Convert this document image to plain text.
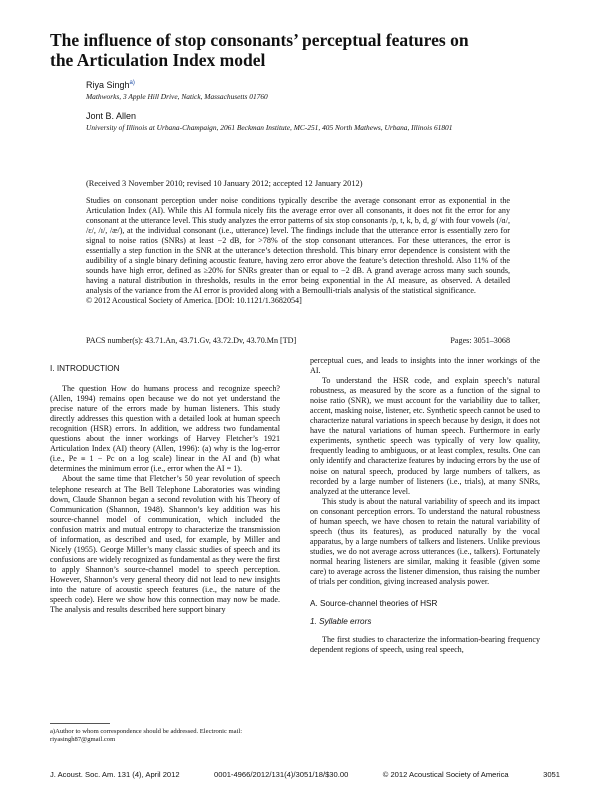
The influence of stop consonants’ perceptual features on the Articulation Index model
Riya Singh$^{a)}$
Mathworks, 3 Apple Hill Drive, Natick, Massachusetts 01760
Jont B. Allen
University of Illinois at Urbana-Champaign, 2061 Beckman Institute, MC-251, 405 North Mathews, Urbana, Illinois 61801
(Received 3 November 2010; revised 10 January 2012; accepted 12 January 2012)

Studies on consonant perception under noise conditions typically describe the average consonant error as exponential in the Articulation Index (AI). While this AI formula nicely fits the average error over all consonants, it does not fit the error for any consonant at the utterance level. This study analyzes the error patterns of six stop consonants /p, t, k, b, d, g/ with four vowels (/ɑ/, /ɛ/, /ɪ/, /æ/), at the individual consonant (i.e., utterance) level. The findings include that the utterance error is essentially zero for signal to noise ratios (SNRs) at least −2 dB, for >78% of the stop consonant utterances. For these utterances, the error is essentially a step function in the SNR at the utterance’s detection threshold. This binary error dependence is consistent with the audibility of a single binary defining acoustic feature, having zero error above the feature’s detection threshold. Also 11% of the sounds have high error, defined as ≥20% for SNRs greater than or equal to −2 dB. A grand average across many such sounds, having a natural distribution in thresholds, results in the error being exponential in the AI measure, as observed. A detailed analysis of the variance from the AI error is provided along with a Bernoulli-trials analysis of the statistical significance.

© 2012 Acoustical Society of America. [DOI: 10.1121/1.3682054]

PACS number(s): 43.71.An, 43.71.Gv, 43.72.Dv, 43.70.Mn [TD]	Pages: 3051–3068
I. INTRODUCTION

The question How do humans process and recognize speech? (Allen, 1994) remains open because we do not yet understand the precise nature of the errors made by human listeners. This study directly addresses this question with a detailed look at human speech recognition (HSR) errors. In addition, we address two fundamental questions about the inner workings of Harvey Fletcher’s 1921 Articulation Index (AI) theory (Allen, 1996): (a) why is the log-error (i.e., Pe ≡ 1 − Pc on a log scale) linear in the AI and (b) what determines the minimum error (i.e., error when the AI = 1).

About the same time that Fletcher’s 50 year revolution of speech telephone research at The Bell Telephone Laboratories was winding down, Claude Shannon began a second revolution with his Theory of Communication (Shannon, 1948). Shannon’s key addition was his source-channel model of communication, which included the confusion matrix and mutual entropy to characterize the transmission of information, as described and used, for example, by Miller and Nicely (1955). George Miller’s many classic studies of speech and its confusions are widely recognized as fundamental as they were the first to apply Shannon’s source-channel model to speech perception. However, Shannon’s very general theory did not lead to new insights into the nature of acoustic speech features (i.e., the nature of the speech code). Here we show how this connection may now be made. The analysis and results described here support binary

perceptual cues, and leads to insights into the inner workings of the AI.

To understand the HSR code, and explain speech’s natural robustness, as measured by the score as a function of the signal to noise ratio (SNR), we must account for the variability due to talker, accent, masking noise, listener, etc. Synthetic speech cannot be used to characterize natural variations in speech because by design, it does not have the natural variations of human speech. Furthermore in early experiments, synthetic speech was typically of very low quality, frequently leading to ambiguous, or at least complex, results. One can only identify and characterize features by inducing errors by the use of noise on natural speech, produced by large numbers of talkers, as recorded by a large number of listeners (i.e., trials), at many SNRs, analyzed at the utterance level.

This study is about the natural variability of speech and its impact on consonant perception errors. To understand the natural robustness of human speech, we have chosen to retain the natural variability of speech (thus its features), as produced naturally by the vocal apparatus, by a large numbers of talkers and listeners. Unlike previous studies, we do not average across utterances (i.e., talkers). Fortunately normal hearing listeners are similar, making it feasible (given some care) to average across the listener dimension, thus raising the number of trials per condition, giving increased analysis power.

A. Source-channel theories of HSR
1. Syllable errors

The first studies to characterize the information-bearing frequency dependent regions of speech, using real speech,

a)Author to whom correspondence should be addressed. Electronic mail: riyasingh87@gmail.com
J. Acoust. Soc. Am. 131 (4), April 2012	0001-4966/2012/131(4)/3051/18/$30.00	© 2012 Acoustical Society of America	3051
